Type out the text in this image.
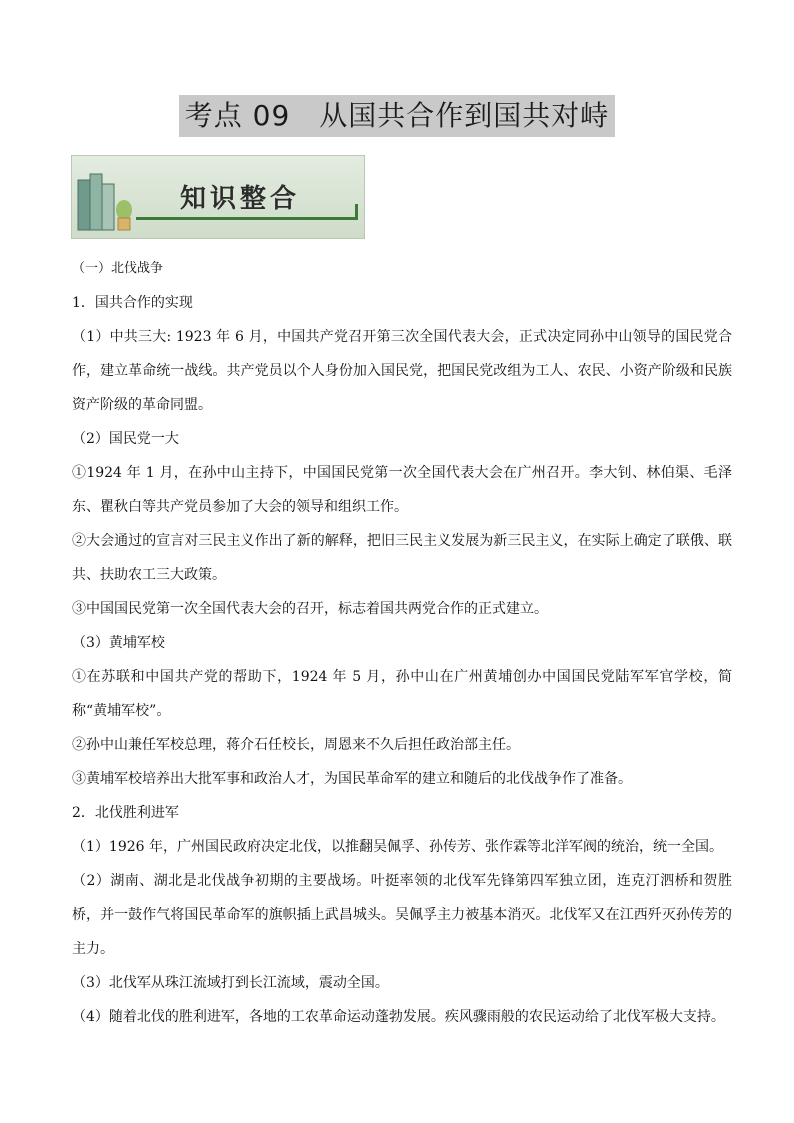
考点 09　从国共合作到国共对峙
知识整合

（一）北伐战争

1．国共合作的实现

（1）中共三大: 1923 年 6 月，中国共产党召开第三次全国代表大会，正式决定同孙中山领导的国民党合作，建立革命统一战线。共产党员以个人身份加入国民党，把国民党改组为工人、农民、小资产阶级和民族资产阶级的革命同盟。

（2）国民党一大

①1924 年 1 月，在孙中山主持下，中国国民党第一次全国代表大会在广州召开。李大钊、林伯渠、毛泽东、瞿秋白等共产党员参加了大会的领导和组织工作。

②大会通过的宣言对三民主义作出了新的解释，把旧三民主义发展为新三民主义，在实际上确定了联俄、联共、扶助农工三大政策。

③中国国民党第一次全国代表大会的召开，标志着国共两党合作的正式建立。

（3）黄埔军校

①在苏联和中国共产党的帮助下，1924 年 5 月，孙中山在广州黄埔创办中国国民党陆军军官学校，简称“黄埔军校”。

②孙中山兼任军校总理，蒋介石任校长，周恩来不久后担任政治部主任。

③黄埔军校培养出大批军事和政治人才，为国民革命军的建立和随后的北伐战争作了准备。

2．北伐胜利进军

（1）1926 年，广州国民政府决定北伐，以推翻吴佩孚、孙传芳、张作霖等北洋军阀的统治，统一全国。

（2）湖南、湖北是北伐战争初期的主要战场。叶挺率领的北伐军先锋第四军独立团，连克汀泗桥和贺胜桥，并一鼓作气将国民革命军的旗帜插上武昌城头。吴佩孚主力被基本消灭。北伐军又在江西歼灭孙传芳的主力。

（3）北伐军从珠江流域打到长江流域，震动全国。

（4）随着北伐的胜利进军，各地的工农革命运动蓬勃发展。疾风骤雨般的农民运动给了北伐军极大支持。
